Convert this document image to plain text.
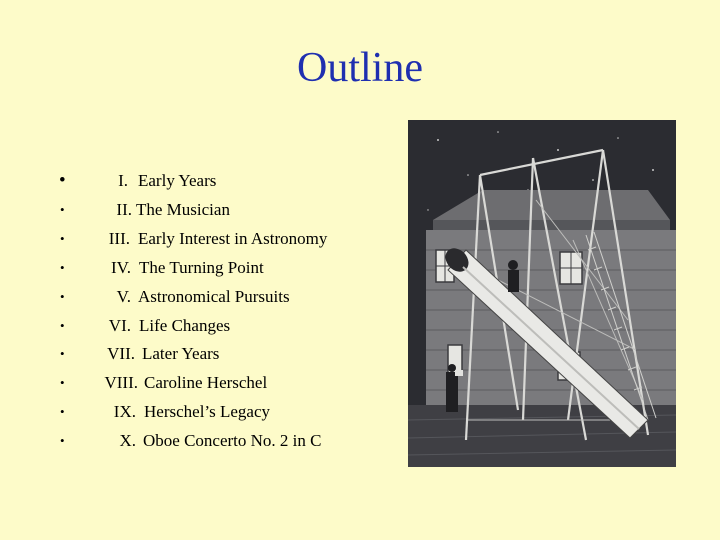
Outline
•	I. Early Years
•	II. The Musician
•	III. Early Interest in Astronomy
•	IV. The Turning Point
•	V. Astronomical Pursuits
•	VI. Life Changes
•	VII. Later Years
•	VIII. Caroline Herschel
•	IX. Herschel’s Legacy
•	X. Oboe Concerto No. 2 in C
